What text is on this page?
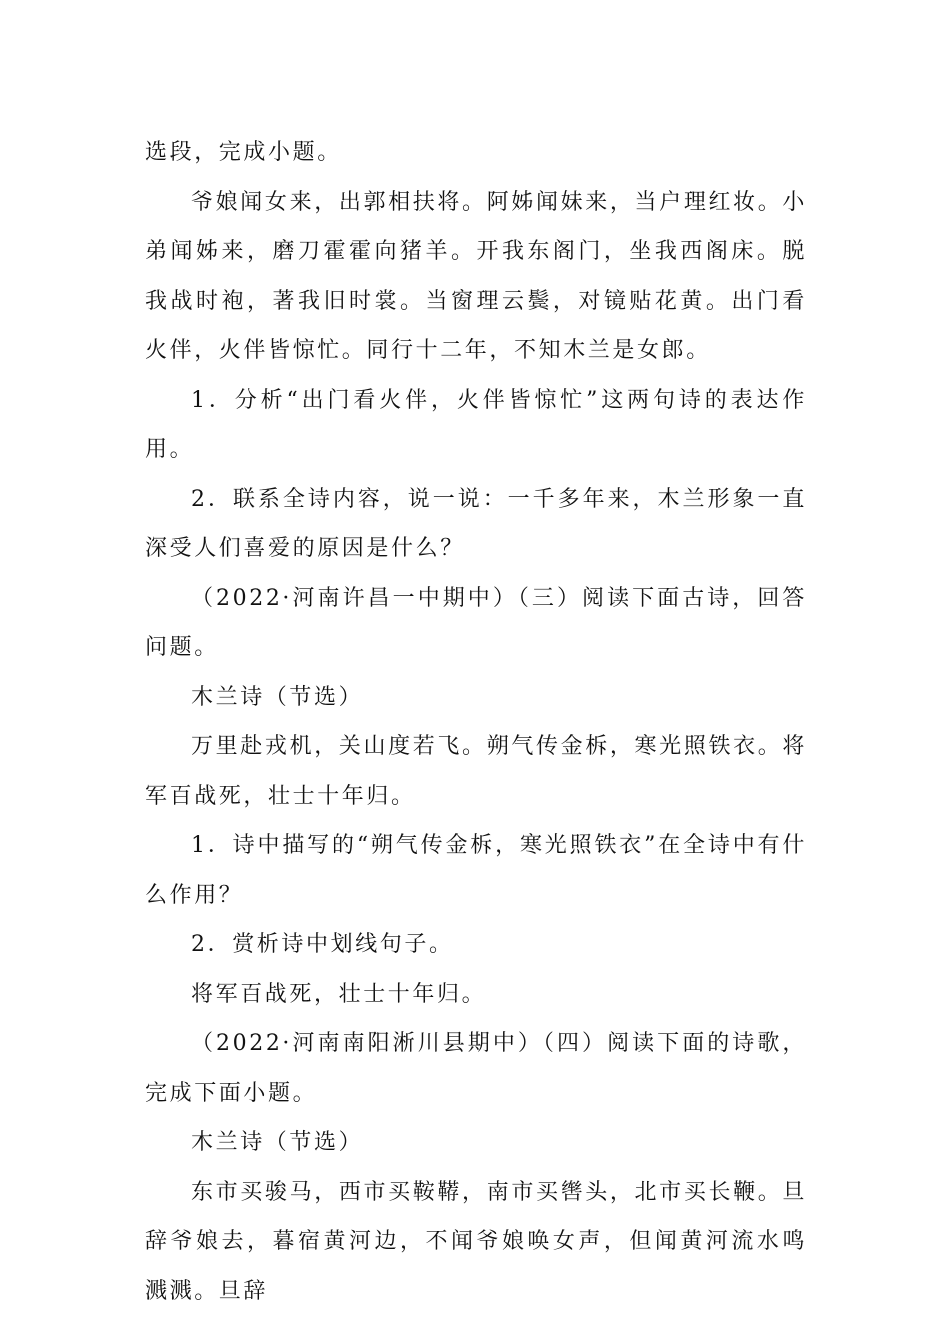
选段，完成小题。

爷娘闻女来，出郭相扶将。阿姊闻妹来，当户理红妆。小弟闻姊来，磨刀霍霍向猪羊。开我东阁门，坐我西阁床。脱我战时袍，著我旧时裳。当窗理云鬓，对镜贴花黄。出门看火伴，火伴皆惊忙。同行十二年，不知木兰是女郎。

1．分析“出门看火伴，火伴皆惊忙”这两句诗的表达作用。

2．联系全诗内容，说一说：一千多年来，木兰形象一直深受人们喜爱的原因是什么？

（2022·河南许昌一中期中）（三）阅读下面古诗，回答问题。

木兰诗（节选）

万里赴戎机，关山度若飞。朔气传金柝，寒光照铁衣。将军百战死，壮士十年归。

1．诗中描写的“朔气传金柝，寒光照铁衣”在全诗中有什么作用？

2．赏析诗中划线句子。

将军百战死，壮士十年归。

（2022·河南南阳淅川县期中）（四）阅读下面的诗歌，完成下面小题。

木兰诗（节选）

东市买骏马，西市买鞍鞯，南市买辔头，北市买长鞭。旦辞爷娘去，暮宿黄河边，不闻爷娘唤女声，但闻黄河流水鸣溅溅。旦辞
